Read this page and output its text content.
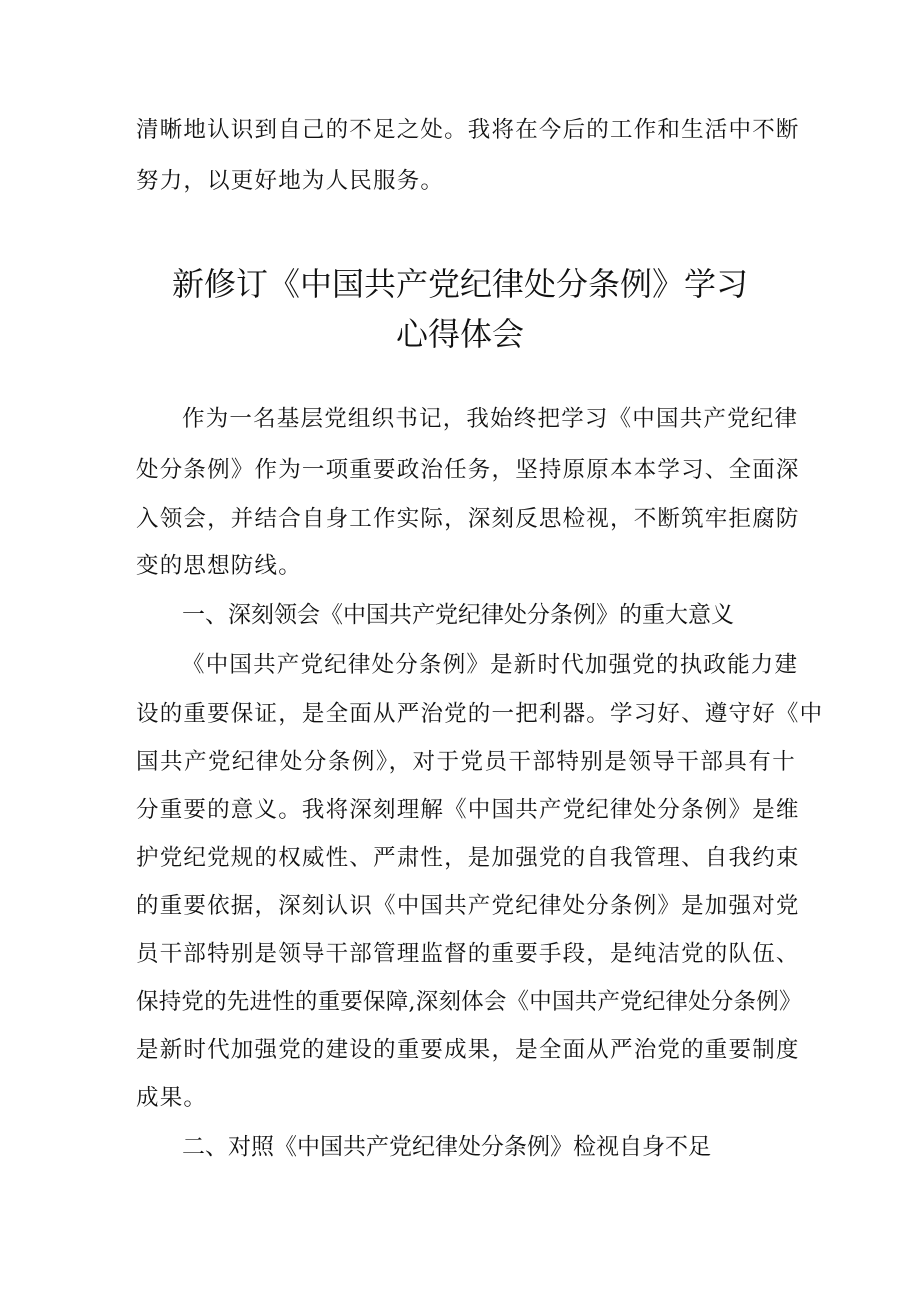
清晰地认识到自己的不足之处。我将在今后的工作和生活中不断
努力，以更好地为人民服务。
新修订《中国共产党纪律处分条例》学习
心得体会
作为一名基层党组织书记，我始终把学习《中国共产党纪律
处分条例》作为一项重要政治任务，坚持原原本本学习、全面深
入领会，并结合自身工作实际，深刻反思检视，不断筑牢拒腐防
变的思想防线。
一、深刻领会《中国共产党纪律处分条例》的重大意义
《中国共产党纪律处分条例》是新时代加强党的执政能力建
设的重要保证，是全面从严治党的一把利器。学习好、遵守好《中
国共产党纪律处分条例》，对于党员干部特别是领导干部具有十
分重要的意义。我将深刻理解《中国共产党纪律处分条例》是维
护党纪党规的权威性、严肃性，是加强党的自我管理、自我约束
的重要依据，深刻认识《中国共产党纪律处分条例》是加强对党
员干部特别是领导干部管理监督的重要手段，是纯洁党的队伍、
保持党的先进性的重要保障,深刻体会《中国共产党纪律处分条例》
是新时代加强党的建设的重要成果，是全面从严治党的重要制度
成果。
二、对照《中国共产党纪律处分条例》检视自身不足
